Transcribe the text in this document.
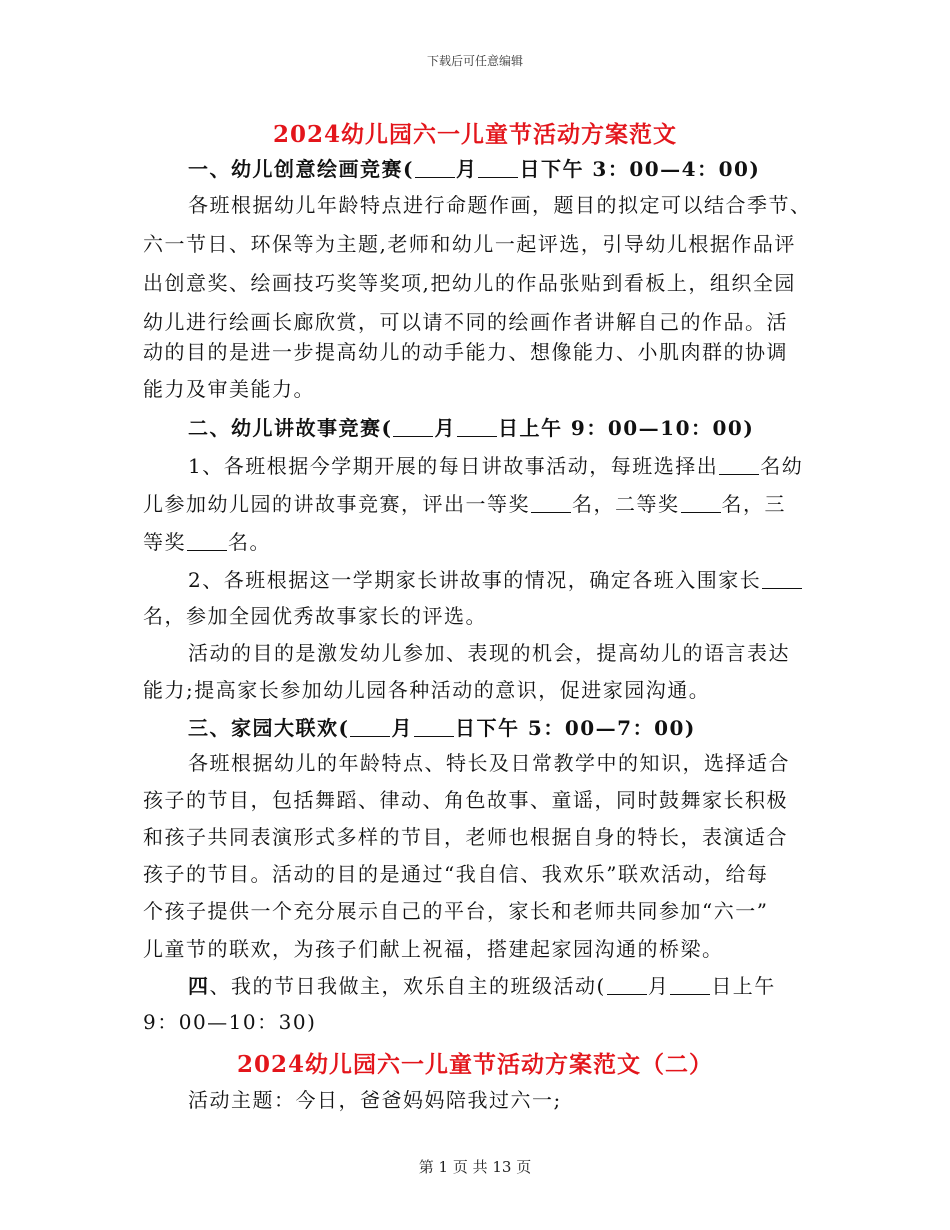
下载后可任意编辑
2024幼儿园六一儿童节活动方案范文
一、幼儿创意绘画竞赛( 月 日下午 3：00—4：00)
各班根据幼儿年龄特点进行命题作画，题目的拟定可以结合季节、
六一节日、环保等为主题,老师和幼儿一起评选，引导幼儿根据作品评
出创意奖、绘画技巧奖等奖项,把幼儿的作品张贴到看板上，组织全园
幼儿进行绘画长廊欣赏，可以请不同的绘画作者讲解自己的作品。活
动的目的是进一步提高幼儿的动手能力、想像能力、小肌肉群的协调
能力及审美能力。
二、幼儿讲故事竞赛( 月 日上午 9：00—10：00)
1、各班根据今学期开展的每日讲故事活动，每班选择出 名幼
儿参加幼儿园的讲故事竞赛，评出一等奖 名，二等奖 名，三
等奖 名。
2、各班根据这一学期家长讲故事的情况，确定各班入围家长
名，参加全园优秀故事家长的评选。
活动的目的是激发幼儿参加、表现的机会，提高幼儿的语言表达
能力;提高家长参加幼儿园各种活动的意识，促进家园沟通。
三、家园大联欢( 月 日下午 5：00—7：00)
各班根据幼儿的年龄特点、特长及日常教学中的知识，选择适合
孩子的节目，包括舞蹈、律动、角色故事、童谣，同时鼓舞家长积极
和孩子共同表演形式多样的节目，老师也根据自身的特长，表演适合
孩子的节目。活动的目的是通过“我自信、我欢乐”联欢活动，给每
个孩子提供一个充分展示自己的平台，家长和老师共同参加“六一”
儿童节的联欢，为孩子们献上祝福，搭建起家园沟通的桥梁。
四、我的节日我做主，欢乐自主的班级活动( 月 日上午
9：00—10：30)
2024幼儿园六一儿童节活动方案范文（二）
活动主题：今日，爸爸妈妈陪我过六一;
第 1 页 共 13 页
